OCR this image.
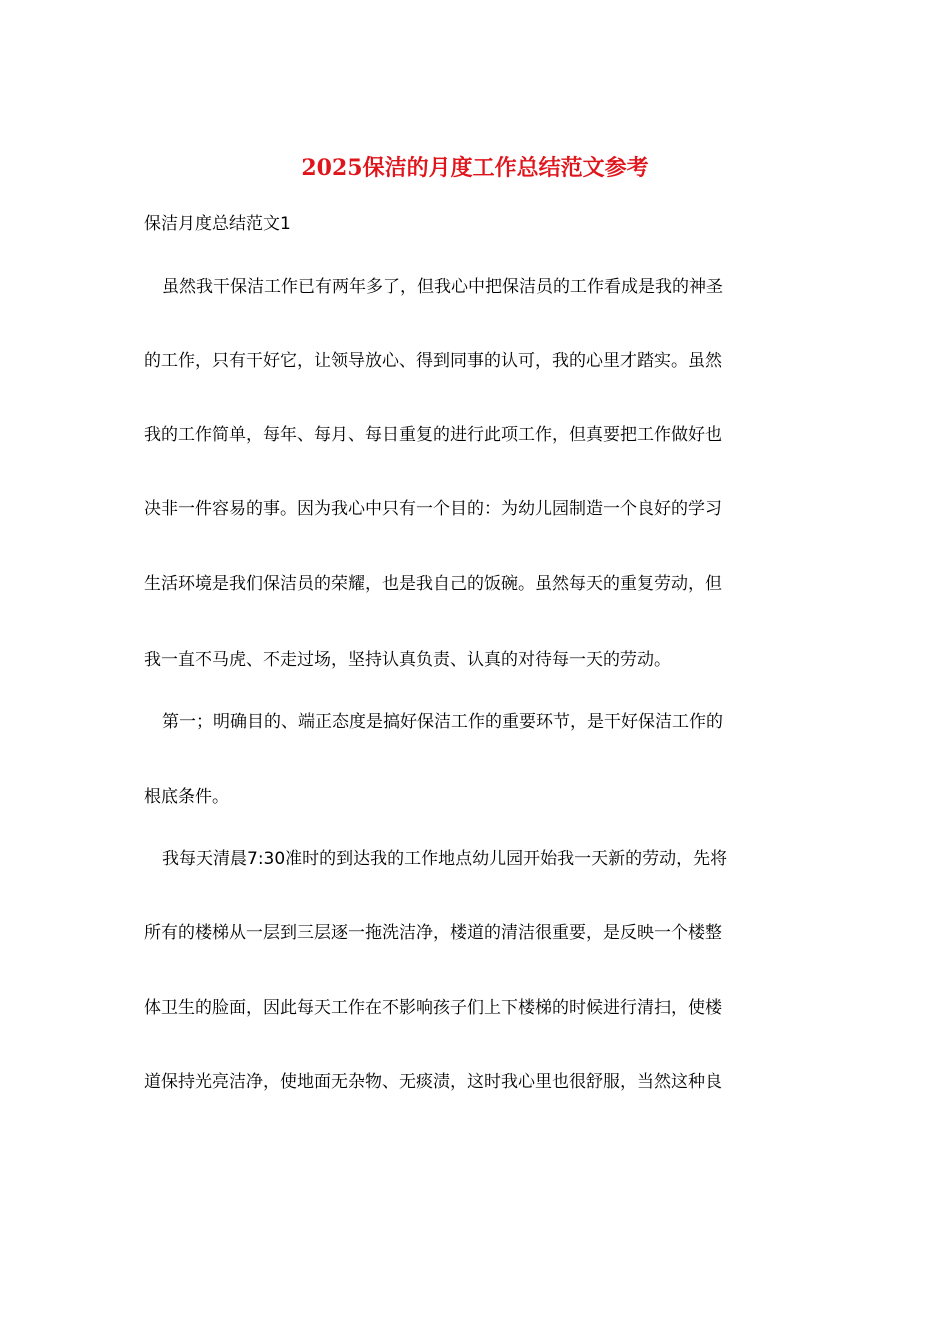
2025保洁的月度工作总结范文参考
保洁月度总结范文1
虽然我干保洁工作已有两年多了，但我心中把保洁员的工作看成是我的神圣
的工作，只有干好它，让领导放心、得到同事的认可，我的心里才踏实。虽然
我的工作简单，每年、每月、每日重复的进行此项工作，但真要把工作做好也
决非一件容易的事。因为我心中只有一个目的：为幼儿园制造一个良好的学习
生活环境是我们保洁员的荣耀，也是我自己的饭碗。虽然每天的重复劳动，但
我一直不马虎、不走过场，坚持认真负责、认真的对待每一天的劳动。
第一；明确目的、端正态度是搞好保洁工作的重要环节，是干好保洁工作的
根底条件。
我每天清晨7:30准时的到达我的工作地点幼儿园开始我一天新的劳动，先将
所有的楼梯从一层到三层逐一拖洗洁净，楼道的清洁很重要，是反映一个楼整
体卫生的脸面，因此每天工作在不影响孩子们上下楼梯的时候进行清扫，使楼
道保持光亮洁净，使地面无杂物、无痰渍，这时我心里也很舒服，当然这种良
